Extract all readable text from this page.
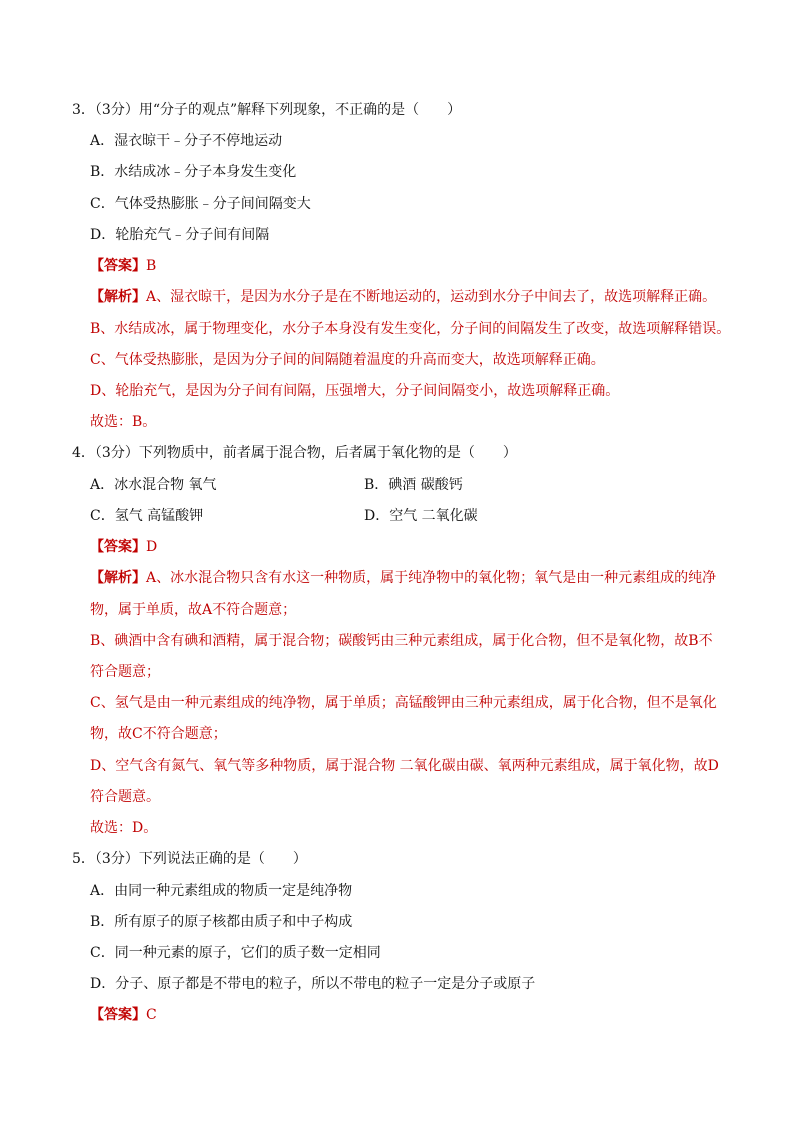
3．（3分）用“分子的观点”解释下列现象，不正确的是（　　）
A．湿衣晾干﹣分子不停地运动
B．水结成冰﹣分子本身发生变化
C．气体受热膨胀﹣分子间间隔变大
D．轮胎充气﹣分子间有间隔
【答案】B
【解析】A、湿衣晾干，是因为水分子是在不断地运动的，运动到水分子中间去了，故选项解释正确。
B、水结成冰，属于物理变化，水分子本身没有发生变化，分子间的间隔发生了改变，故选项解释错误。
C、气体受热膨胀，是因为分子间的间隔随着温度的升高而变大，故选项解释正确。
D、轮胎充气，是因为分子间有间隔，压强增大，分子间间隔变小，故选项解释正确。
故选：B。
4．（3分）下列物质中，前者属于混合物，后者属于氧化物的是（　　）
A．冰水混合物 氧气	B．碘酒 碳酸钙
C．氢气 高锰酸钾	D．空气 二氧化碳
【答案】D
【解析】A、冰水混合物只含有水这一种物质，属于纯净物中的氧化物；氧气是由一种元素组成的纯净
物，属于单质，故A不符合题意；
B、碘酒中含有碘和酒精，属于混合物；碳酸钙由三种元素组成，属于化合物，但不是氧化物，故B不
符合题意；
C、氢气是由一种元素组成的纯净物，属于单质；高锰酸钾由三种元素组成，属于化合物，但不是氧化
物，故C不符合题意；
D、空气含有氮气、氧气等多种物质，属于混合物 二氧化碳由碳、氧两种元素组成，属于氧化物，故D
符合题意。
故选：D。
5．（3分）下列说法正确的是（　　）
A．由同一种元素组成的物质一定是纯净物
B．所有原子的原子核都由质子和中子构成
C．同一种元素的原子，它们的质子数一定相同
D．分子、原子都是不带电的粒子，所以不带电的粒子一定是分子或原子
【答案】C
